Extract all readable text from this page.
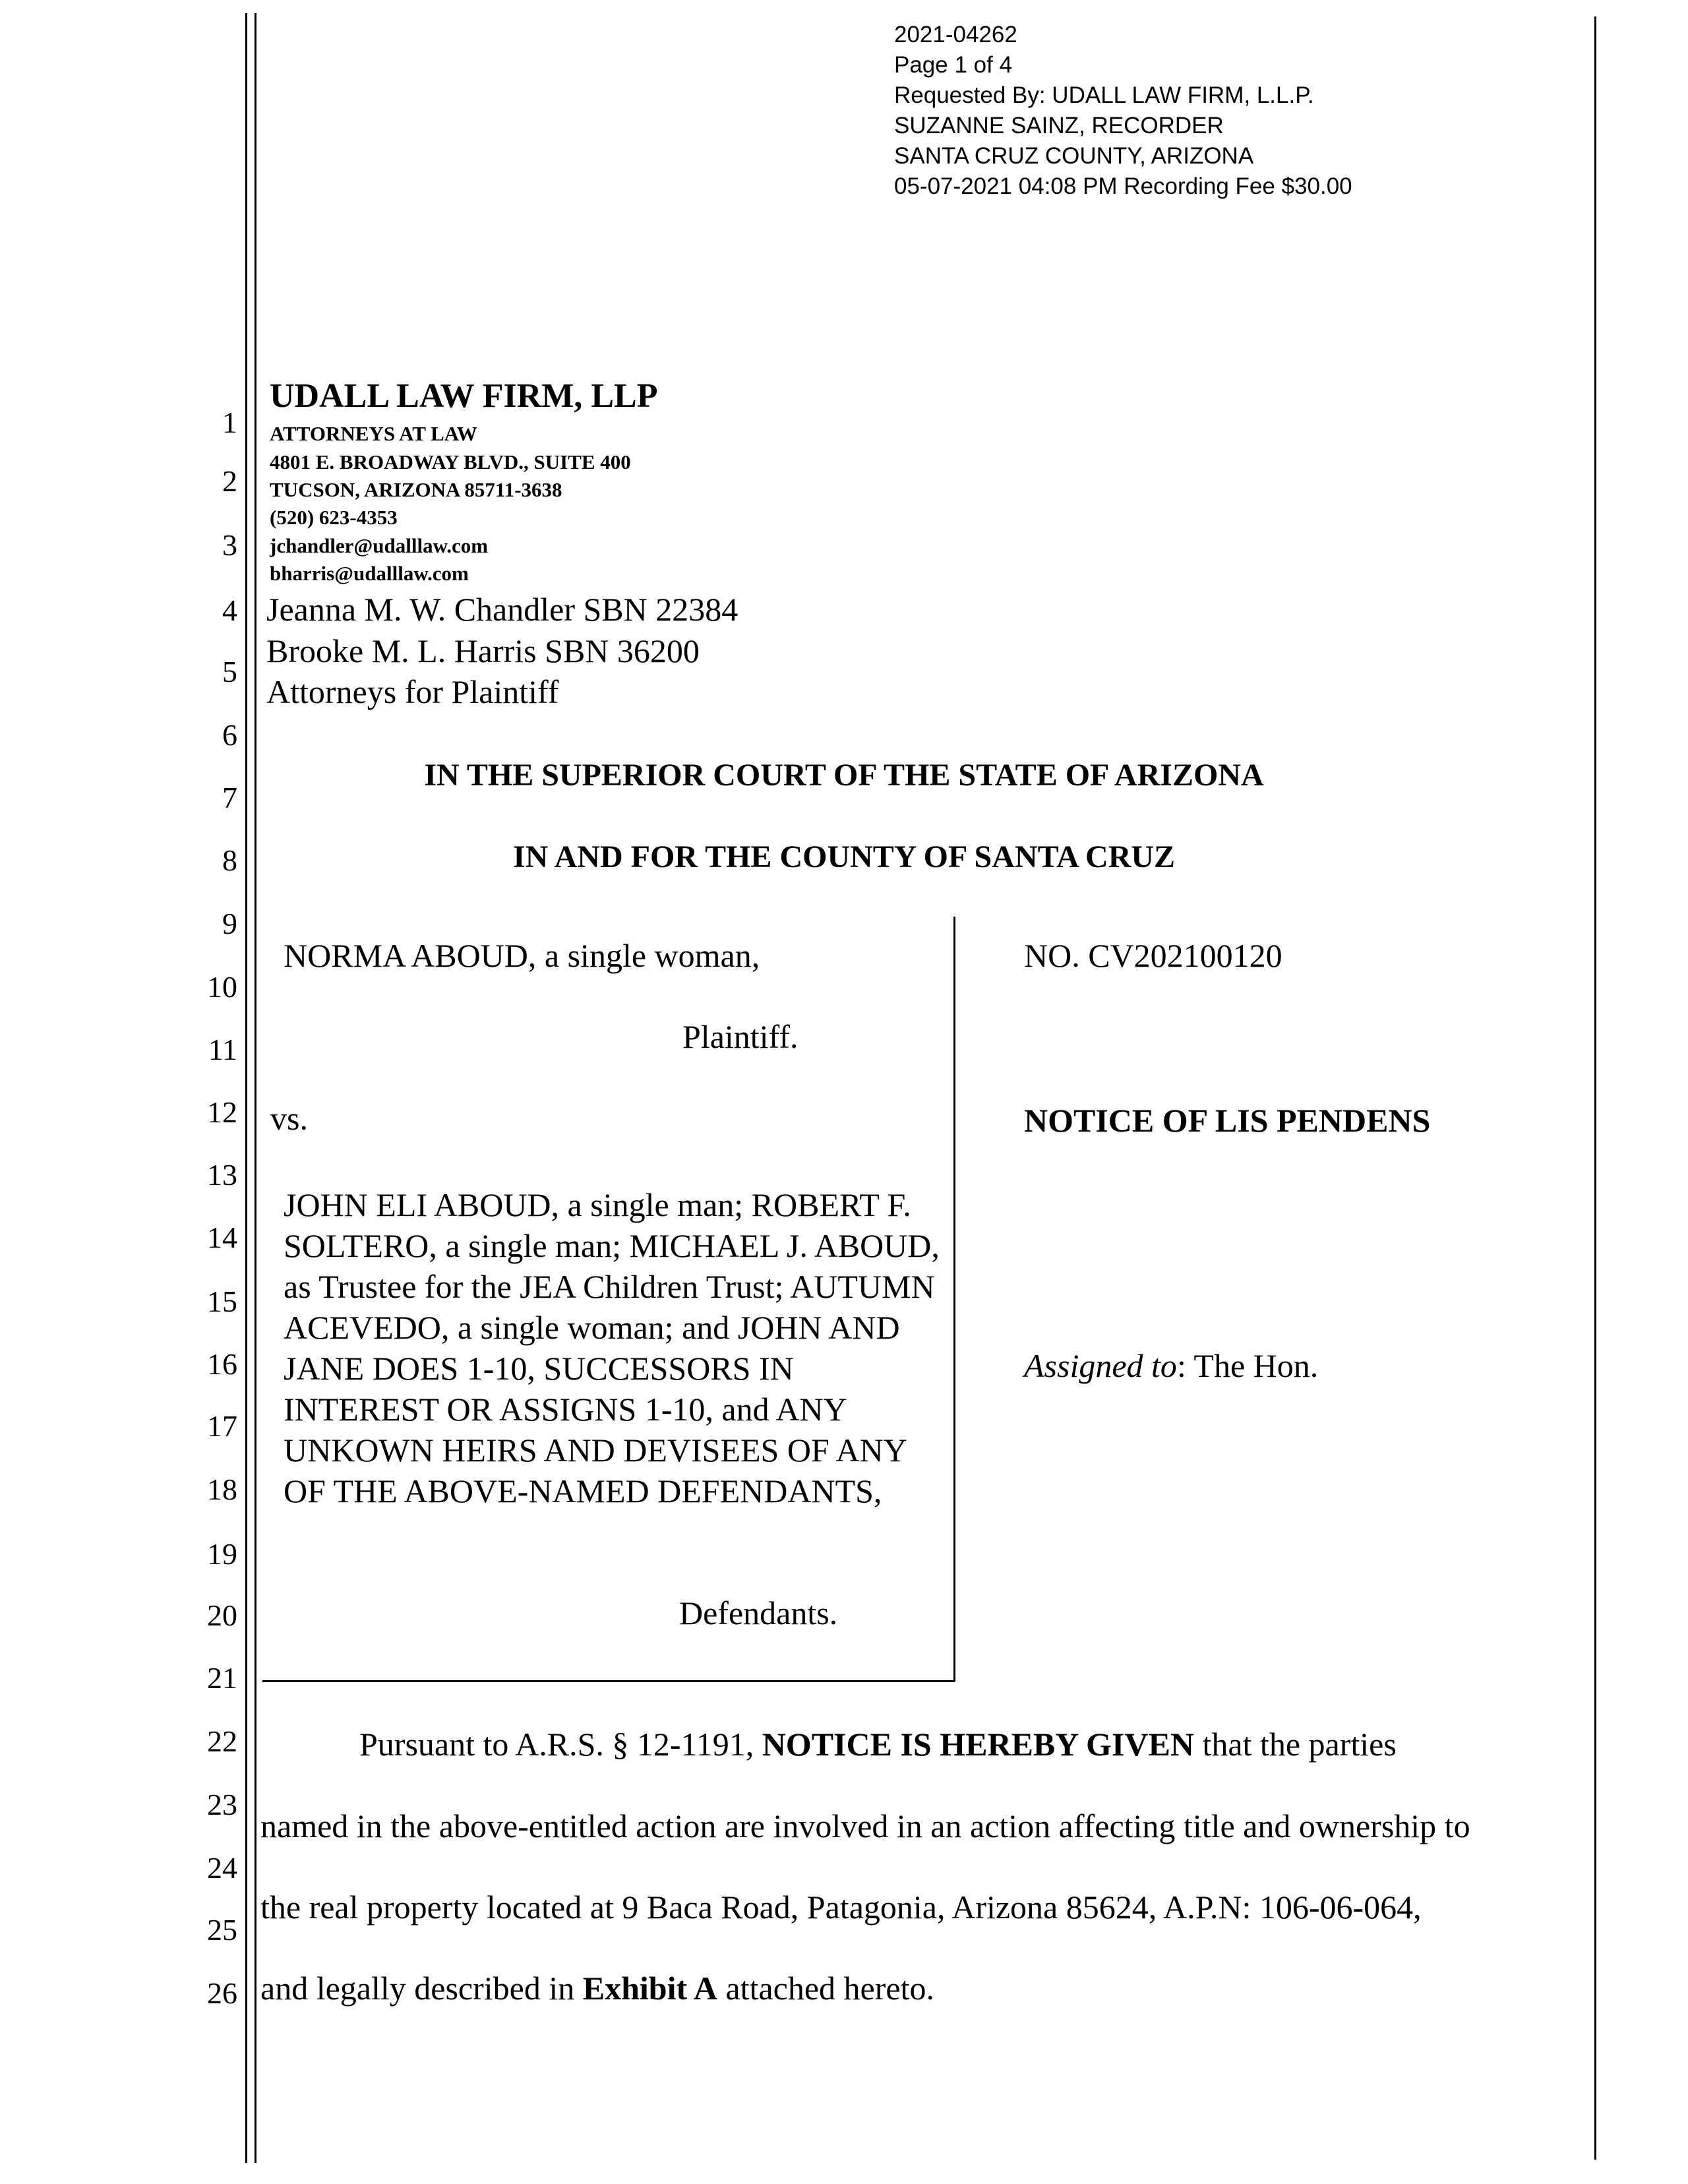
2021-04262
Page 1 of 4
Requested By: UDALL LAW FIRM, L.L.P.
SUZANNE SAINZ, RECORDER
SANTA CRUZ COUNTY, ARIZONA
05-07-2021 04:08 PM Recording Fee $30.00
1
2
3
4
5
6
7
8
9
10
11
12
13
14
15
16
17
18
19
20
21
22
23
24
25
26
UDALL LAW FIRM, LLP
ATTORNEYS AT LAW
4801 E. BROADWAY BLVD., SUITE 400
TUCSON, ARIZONA 85711-3638
(520) 623-4353
jchandler@udalllaw.com
bharris@udalllaw.com
Jeanna M. W. Chandler SBN 22384
Brooke M. L. Harris SBN 36200
Attorneys for Plaintiff
IN THE SUPERIOR COURT OF THE STATE OF ARIZONA
IN AND FOR THE COUNTY OF SANTA CRUZ
NORMA ABOUD, a single woman,
Plaintiff.
vs.
JOHN ELI ABOUD, a single man; ROBERT F. SOLTERO, a single man; MICHAEL J. ABOUD, as Trustee for the JEA Children Trust; AUTUMN ACEVEDO, a single woman; and JOHN AND JANE DOES 1-10, SUCCESSORS IN INTEREST OR ASSIGNS 1-10, and ANY UNKOWN HEIRS AND DEVISEES OF ANY OF THE ABOVE-NAMED DEFENDANTS,
Defendants.
NO. CV202100120
NOTICE OF LIS PENDENS
Assigned to: The Hon.
Pursuant to A.R.S. § 12-1191, NOTICE IS HEREBY GIVEN that the parties
named in the above-entitled action are involved in an action affecting title and ownership to
the real property located at 9 Baca Road, Patagonia, Arizona 85624, A.P.N: 106-06-064,
and legally described in Exhibit A attached hereto.
